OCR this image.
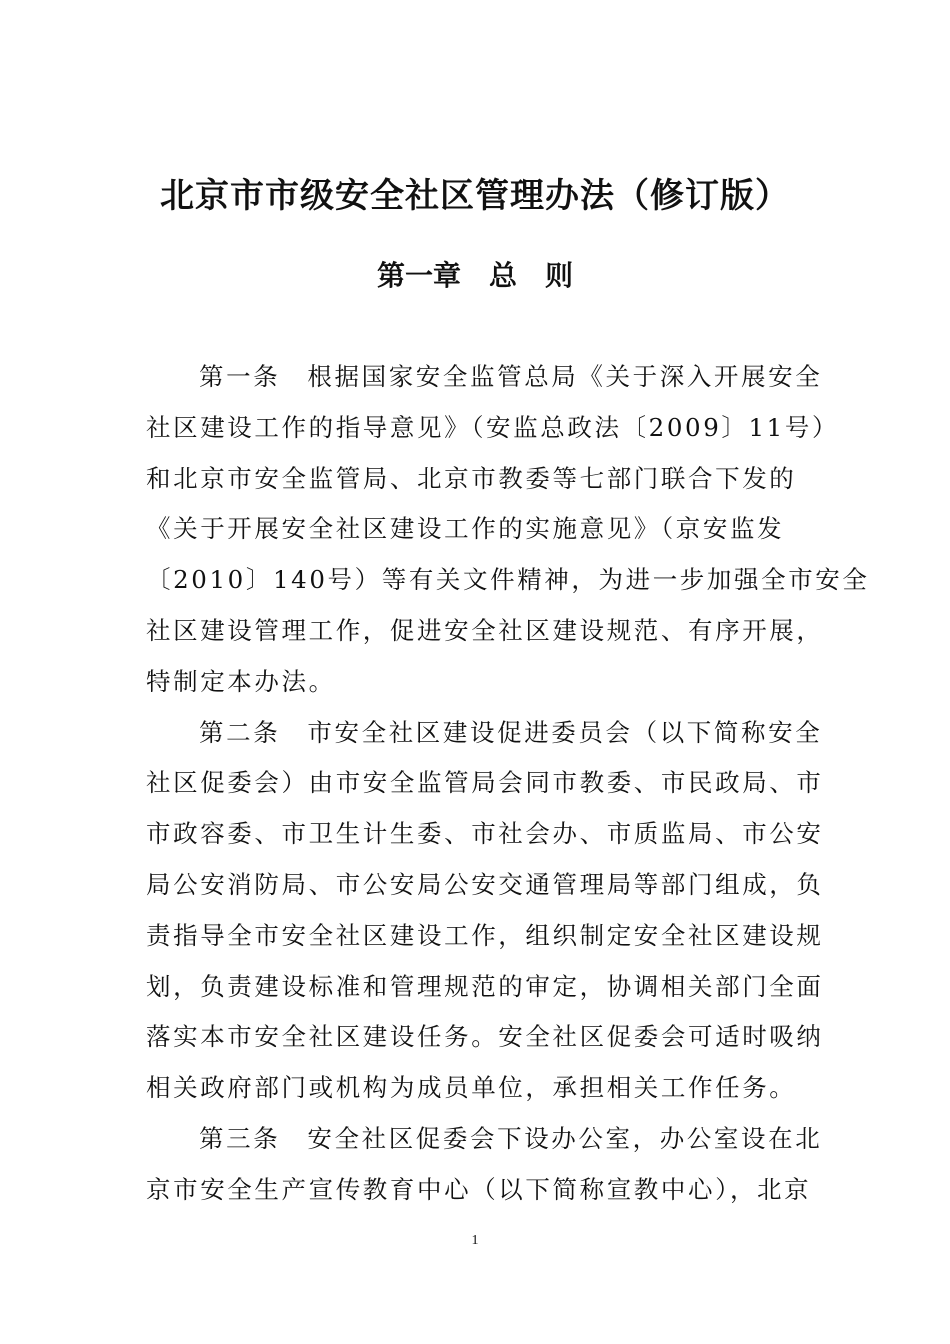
北京市市级安全社区管理办法（修订版）
第一章　总　则
第一条　根据国家安全监管总局《关于深入开展安全
社区建设工作的指导意见》（安监总政法〔2009〕11号）
和北京市安全监管局、北京市教委等七部门联合下发的
《关于开展安全社区建设工作的实施意见》（京安监发
〔2010〕140号）等有关文件精神，为进一步加强全市安全
社区建设管理工作，促进安全社区建设规范、有序开展，
特制定本办法。
第二条　市安全社区建设促进委员会（以下简称安全
社区促委会）由市安全监管局会同市教委、市民政局、市
市政容委、市卫生计生委、市社会办、市质监局、市公安
局公安消防局、市公安局公安交通管理局等部门组成，负
责指导全市安全社区建设工作，组织制定安全社区建设规
划，负责建设标准和管理规范的审定，协调相关部门全面
落实本市安全社区建设任务。安全社区促委会可适时吸纳
相关政府部门或机构为成员单位，承担相关工作任务。
第三条　安全社区促委会下设办公室，办公室设在北
京市安全生产宣传教育中心（以下简称宣教中心），北京
1
